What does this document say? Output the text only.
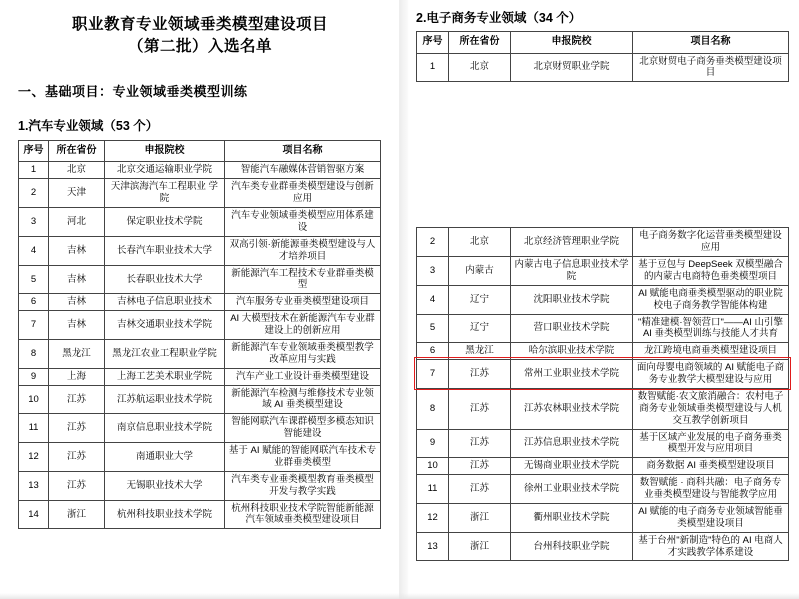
职业教育专业领域垂类模型建设项目
（第二批）入选名单
一、基础项目：专业领域垂类模型训练
1.汽车专业领域（53 个）
序号	所在省份	申报院校	项目名称
1	北京	北京交通运输职业学院	智能汽车融媒体营销智驱方案
2	天津	天津滨海汽车工程职业 学院	汽车类专业群垂类模型建设与创新应用
3	河北	保定职业技术学院	汽车专业领域垂类模型应用体系建设
4	吉林	长春汽车职业技术大学	双高引领·新能源垂类模型建设与人才培养项目
5	吉林	长春职业技术大学	新能源汽车工程技术专业群垂类模型
6	吉林	吉林电子信息职业技术	汽车服务专业垂类模型建设项目
7	吉林	吉林交通职业技术学院	AI 大模型技术在新能源汽车专业群建设上的创新应用
8	黑龙江	黑龙江农业工程职业学院	新能源汽车专业领域垂类模型教学改革应用与实践
9	上海	上海工艺美术职业学院	汽车产业工业设计垂类模型建设
10	江苏	江苏航运职业技术学院	新能源汽车检测与维修技术专业领域 AI 垂类模型建设
11	江苏	南京信息职业技术学院	智能网联汽车课群模型多模态知识智能建设
12	江苏	南通职业大学	基于 AI 赋能的智能网联汽车技术专业群垂类模型
13	江苏	无锡职业技术大学	汽车类专业垂类模型教育垂类模型开发与教学实践
14	浙江	杭州科技职业技术学院	杭州科技职业技术学院智能新能源汽车领域垂类模型建设项目
2.电子商务专业领域（34 个）
序号	所在省份	申报院校	项目名称
1	北京	北京财贸职业学院	北京财贸电子商务垂类模型建设项目
2	北京	北京经济管理职业学院	电子商务数字化运营垂类模型建设应用
3	内蒙古	内蒙古电子信息职业技术学院	基于豆包与 DeepSeek 双模型融合的内蒙古电商特色垂类模型项目
4	辽宁	沈阳职业技术学院	AI 赋能电商垂类模型驱动的职业院校电子商务教学智能体构建
5	辽宁	营口职业技术学院	"精准建模·智领营口"——AI 山引擎 AI 垂类模型训练与技能人才共育
6	黑龙江	哈尔滨职业技术学院	龙江跨境电商垂类模型建设项目
7	江苏	常州工业职业技术学院	面向母婴电商领域的 AI 赋能电子商务专业教学大模型建设与应用
8	江苏	江苏农林职业技术学院	数智赋能·农文旅消融合：农村电子商务专业领域垂类模型建设与人机交互教学创新项目
9	江苏	江苏信息职业技术学院	基于区域产业发展的电子商务垂类模型开发与应用项目
10	江苏	无锡商业职业技术学院	商务数据 AI 垂类模型建设项目
11	江苏	徐州工业职业技术学院	数智赋能 · 商科共融：电子商务专业垂类模型建设与智能教学应用
12	浙江	衢州职业技术学院	AI 赋能的电子商务专业领域智能垂类模型建设项目
13	浙江	台州科技职业学院	基于台州"新制造"特色的 AI 电商人才实践教学体系建设
